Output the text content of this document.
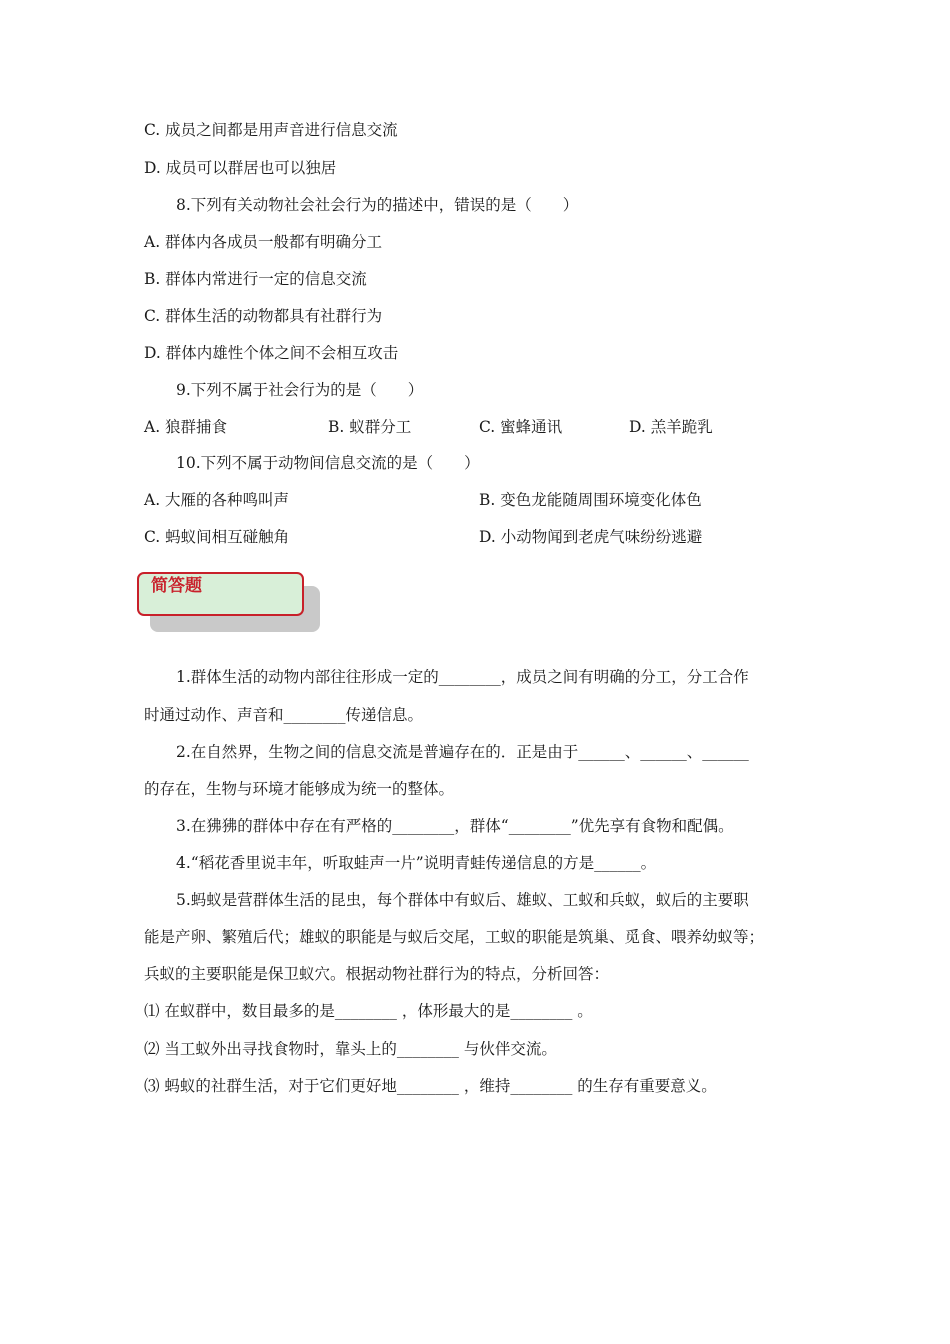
C. 成员之间都是用声音进行信息交流
D. 成员可以群居也可以独居
8.下列有关动物社会社会行为的描述中，错误的是（　　）
A. 群体内各成员一般都有明确分工
B. 群体内常进行一定的信息交流
C. 群体生活的动物都具有社群行为
D. 群体内雄性个体之间不会相互攻击
9.下列不属于社会行为的是（　　）
A. 狼群捕食	B. 蚁群分工	C. 蜜蜂通讯	D. 羔羊跪乳
10.下列不属于动物间信息交流的是（　　）
A. 大雁的各种鸣叫声	B. 变色龙能随周围环境变化体色
C. 蚂蚁间相互碰触角	D. 小动物闻到老虎气味纷纷逃避
简答题
1.群体生活的动物内部往往形成一定的________，成员之间有明确的分工，分工合作
时通过动作、声音和________传递信息。
2.在自然界，生物之间的信息交流是普遍存在的．正是由于______、______、______
的存在，生物与环境才能够成为统一的整体。
3.在狒狒的群体中存在有严格的________，群体“________”优先享有食物和配偶。
4.“稻花香里说丰年，听取蛙声一片”说明青蛙传递信息的方是______。
5.蚂蚁是营群体生活的昆虫，每个群体中有蚁后、雄蚁、工蚁和兵蚁，蚁后的主要职
能是产卵、繁殖后代；雄蚁的职能是与蚁后交尾，工蚁的职能是筑巢、觅食、喂养幼蚁等；
兵蚁的主要职能是保卫蚁穴。根据动物社群行为的特点，分析回答：
⑴ 在蚁群中，数目最多的是________ ，体形最大的是________ 。
⑵ 当工蚁外出寻找食物时，靠头上的________ 与伙伴交流。
⑶ 蚂蚁的社群生活，对于它们更好地________ ，维持________ 的生存有重要意义。
